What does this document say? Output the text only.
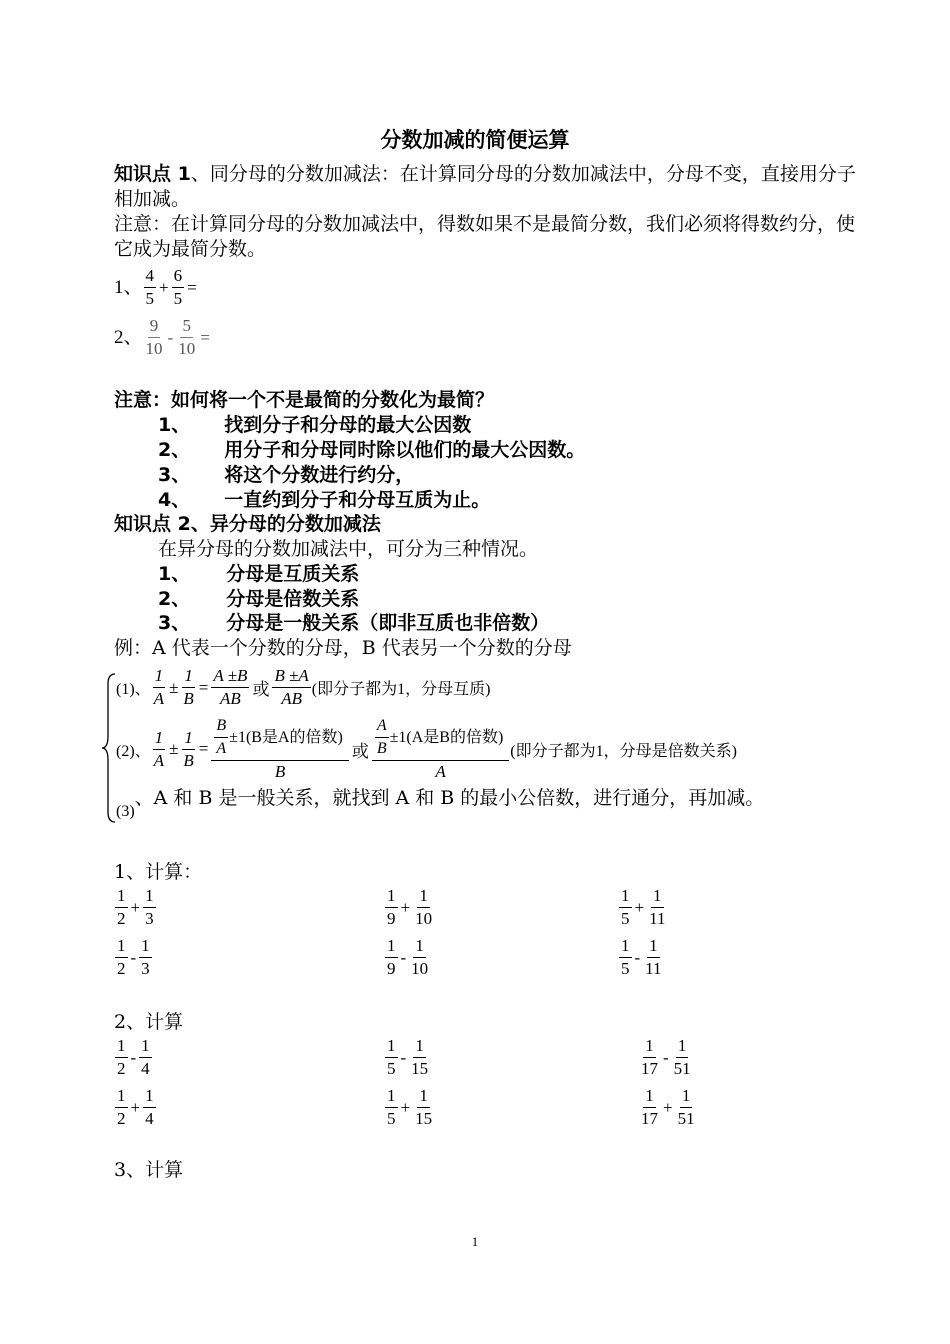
分数加减的简便运算
知识点 1、同分母的分数加减法：在计算同分母的分数加减法中，分母不变，直接用分子相加减。
注意：在计算同分母的分数加减法中，得数如果不是最简分数，我们必须将得数约分，使它成为最简分数。
1、 $\frac{4}{5} + \frac{6}{5}$ =
2、 $\frac{9}{10} - \frac{5}{10}$ =
注意：如何将一个不是最简的分数化为最简？
1、 找到分子和分母的最大公因数
2、 用分子和分母同时除以他们的最大公因数。
3、 将这个分数进行约分，
4、 一直约到分子和分母互质为止。
知识点 2、异分母的分数加减法
在异分母的分数加减法中，可分为三种情况。
1、 分母是互质关系
2、 分母是倍数关系
3、 分母是一般关系（即非互质也非倍数）
例：A 代表一个分数的分母，B 代表另一个分数的分母
(1)、 $\frac{1}{A} \pm \frac{1}{B} = \frac{A \pm B}{AB}$ 或 $\frac{B \pm A}{AB}$ (即分子都为1，分母互质)
(2)、 $\frac{1}{A} \pm \frac{1}{B} = \frac{\frac{B}{A} \pm 1(B是A的倍数)}{B}$ 或 $\frac{\frac{A}{B} \pm 1(A是B的倍数)}{A}$ (即分子都为1，分母是倍数关系)
(3)
、A 和 B 是一般关系，就找到 A 和 B 的最小公倍数，进行通分，再加减。
1、计算：
$\frac{1}{2} + \frac{1}{3}$	$\frac{1}{9} + \frac{1}{10}$	$\frac{1}{5} + \frac{1}{11}$
$\frac{1}{2} - \frac{1}{3}$	$\frac{1}{9} - \frac{1}{10}$	$\frac{1}{5} - \frac{1}{11}$
2、计算
$\frac{1}{2} - \frac{1}{4}$	$\frac{1}{5} - \frac{1}{15}$	$\frac{1}{17} - \frac{1}{51}$
$\frac{1}{2} + \frac{1}{4}$	$\frac{1}{5} + \frac{1}{15}$	$\frac{1}{17} + \frac{1}{51}$
3、计算
1
